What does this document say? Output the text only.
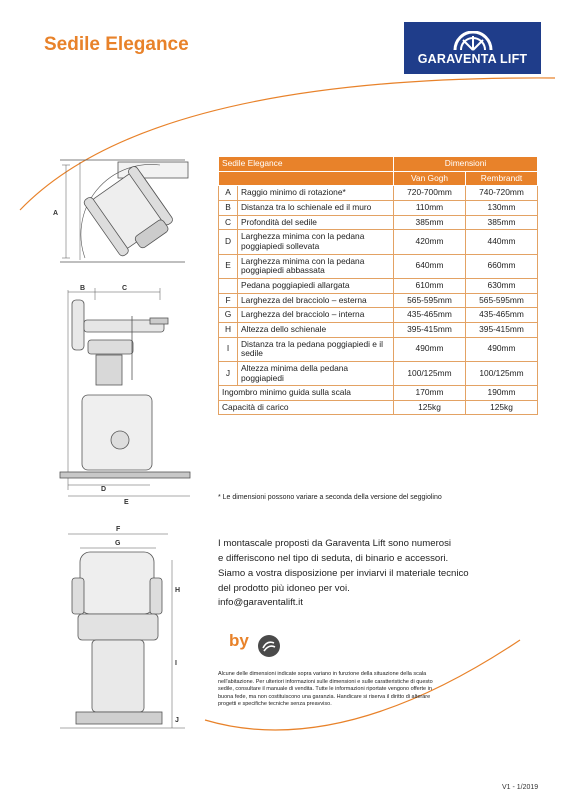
Sedile Elegance
GARAVENTA LIFT
A
B	C
D
E
F
G
H
I
J
Sedile Elegance		Dimensioni	
		Van Gogh	Rembrandt
A	Raggio minimo di rotazione*	720-700mm	740-720mm
B	Distanza tra lo schienale ed il muro	110mm	130mm
C	Profondità del sedile	385mm	385mm
D	Larghezza minima con la pedana poggiapiedi sollevata	420mm	440mm
E	Larghezza minima con la pedana poggiapiedi abbassata	640mm	660mm
	Pedana poggiapiedi allargata	610mm	630mm
F	Larghezza del bracciolo – esterna	565-595mm	565-595mm
G	Larghezza del bracciolo – interna	435-465mm	435-465mm
H	Altezza dello schienale	395-415mm	395-415mm
I	Distanza tra la pedana poggiapiedi e il sedile	490mm	490mm
J	Altezza minima della pedana poggiapiedi	100/125mm	100/125mm
Ingombro minimo guida sulla scala		170mm	190mm
Capacità di carico		125kg	125kg
* Le dimensioni possono variare a seconda della versione del seggiolino
I montascale proposti da Garaventa Lift sono numerosi
e differiscono nel tipo di seduta, di binario e accessori.
Siamo a vostra disposizione per inviarvi il materiale tecnico
del prodotto più idoneo per voi.
info@garaventalift.it
by
Alcune delle dimensioni indicate sopra variano in funzione della situazione della scala nell'abitazione. Per ulteriori informazioni sulle dimensioni e sulle caratteristiche di questo sedile, consultare il manuale di vendita. Tutte le informazioni riportate vengono offerte in buona fede, ma non costituiscono una garanzia. Handicare si riserva il diritto di alterare progetti e specifiche tecniche senza preavviso.
V1 - 1/2019
